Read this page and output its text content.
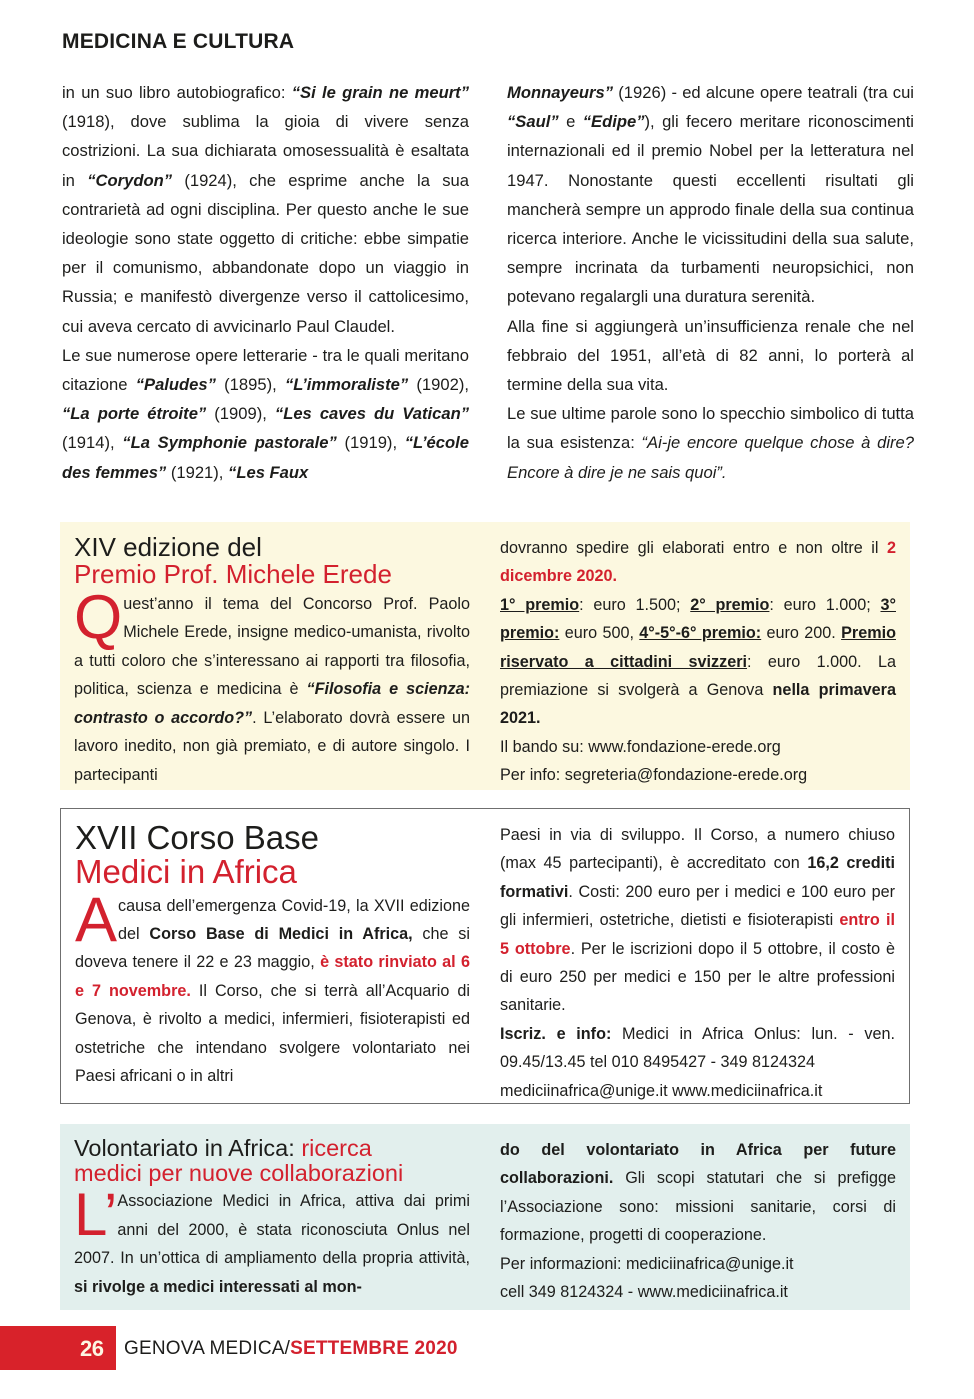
MEDICINA E CULTURA

in un suo libro autobiografico: “Si le grain ne meurt” (1918), dove sublima la gioia di vivere senza costrizioni. La sua dichiarata omosessualità è esaltata in “Corydon” (1924), che esprime anche la sua contrarietà ad ogni disciplina. Per questo anche le sue ideologie sono state oggetto di critiche: ebbe simpatie per il comunismo, abbandonate dopo un viaggio in Russia; e manifestò divergenze verso il cattolicesimo, cui aveva cercato di avvicinarlo Paul Claudel.

Le sue numerose opere letterarie - tra le quali meritano citazione “Paludes” (1895), “L’immoraliste” (1902), “La porte étroite” (1909), “Les caves du Vatican” (1914), “La Symphonie pastorale” (1919), “L’école des femmes” (1921), “Les Faux

Monnayeurs” (1926) - ed alcune opere teatrali (tra cui “Saul” e “Edipe”), gli fecero meritare riconoscimenti internazionali ed il premio Nobel per la letteratura nel 1947. Nonostante questi eccellenti risultati gli mancherà sempre un approdo finale della sua continua ricerca interiore. Anche le vicissitudini della sua salute, sempre incrinata da turbamenti neuropsichici, non potevano regalargli una duratura serenità.

Alla fine si aggiungerà un’insufficienza renale che nel febbraio del 1951, all’età di 82 anni, lo porterà al termine della sua vita.

Le sue ultime parole sono lo specchio simbolico di tutta la sua esistenza: “Ai-je encore quelque chose à dire? Encore à dire je ne sais quoi”.

XIV edizione del
Premio Prof. Michele Erede

Quest’anno il tema del Concorso Prof. Paolo Michele Erede, insigne medico-umanista, rivolto a tutti coloro che s’interessano ai rapporti tra filosofia, politica, scienza e medicina è “Filosofia e scienza: contrasto o accordo?”. L’elaborato dovrà essere un lavoro inedito, non già premiato, e di autore singolo. I partecipanti

dovranno spedire gli elaborati entro e non oltre il 2 dicembre 2020.

1° premio: euro 1.500; 2° premio: euro 1.000; 3° premio: euro 500, 4°-5°-6° premio: euro 200. Premio riservato a cittadini svizzeri: euro 1.000. La premiazione si svolgerà a Genova nella primavera 2021.

Il bando su: www.fondazione-erede.org

Per info: segreteria@fondazione-erede.org

XVII Corso Base
Medici in Africa

A causa dell’emergenza Covid-19, la XVII edizione del Corso Base di Medici in Africa, che si doveva tenere il 22 e 23 maggio, è stato rinviato al 6 e 7 novembre. Il Corso, che si terrà all’Acquario di Genova, è rivolto a medici, infermieri, fisioterapisti ed ostetriche che intendano svolgere volontariato nei Paesi africani o in altri

Paesi in via di sviluppo. Il Corso, a numero chiuso (max 45 partecipanti), è accreditato con 16,2 crediti formativi. Costi: 200 euro per i medici e 100 euro per gli infermieri, ostetriche, dietisti e fisioterapisti entro il 5 ottobre. Per le iscrizioni dopo il 5 ottobre, il costo è di euro 250 per medici e 150 per le altre professioni sanitarie.

Iscriz. e info: Medici in Africa Onlus: lun. - ven. 09.45/13.45 tel 010 8495427 - 349 8124324

mediciinafrica@unige.it www.mediciinafrica.it

Volontariato in Africa: ricerca
medici per nuove collaborazioni

L’ Associazione Medici in Africa, attiva dai primi anni del 2000, è stata riconosciuta Onlus nel 2007. In un’ottica di ampliamento della propria attività, si rivolge a medici interessati al mon-

do del volontariato in Africa per future collaborazioni. Gli scopi statutari che si prefigge l’Associazione sono: missioni sanitarie, corsi di formazione, progetti di cooperazione.

Per informazioni: mediciinafrica@unige.it

cell 349 8124324 - www.mediciinafrica.it

26 GENOVA MEDICA/SETTEMBRE 2020
